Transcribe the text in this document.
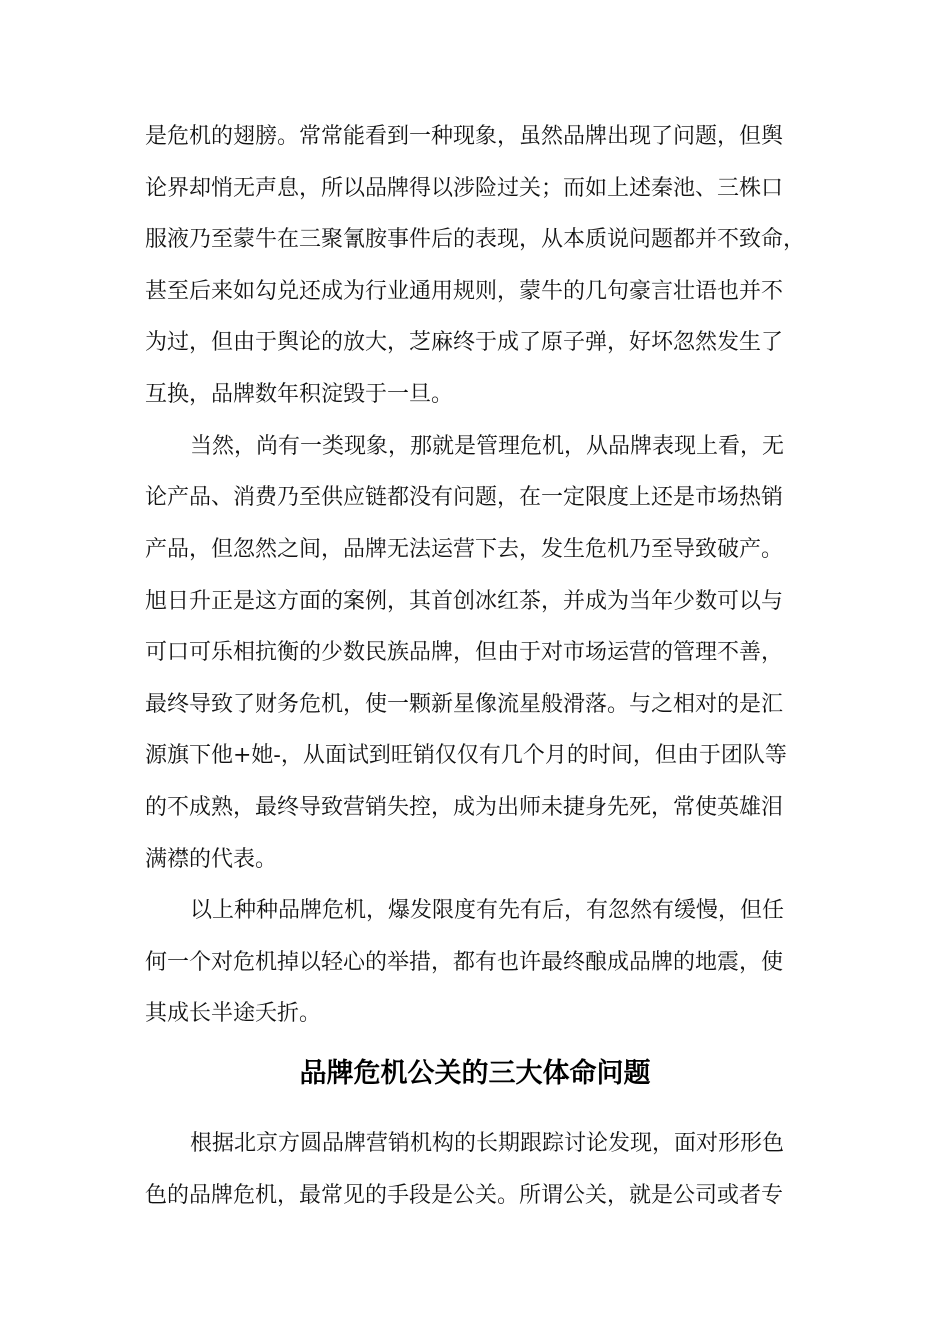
是危机的翅膀。常常能看到一种现象，虽然品牌出现了问题，但舆
论界却悄无声息，所以品牌得以涉险过关；而如上述秦池、三株口
服液乃至蒙牛在三聚氰胺事件后的表现，从本质说问题都并不致命，
甚至后来如勾兑还成为行业通用规则，蒙牛的几句豪言壮语也并不
为过，但由于舆论的放大，芝麻终于成了原子弹，好坏忽然发生了
互换，品牌数年积淀毁于一旦。
当然，尚有一类现象，那就是管理危机，从品牌表现上看，无
论产品、消费乃至供应链都没有问题，在一定限度上还是市场热销
产品，但忽然之间，品牌无法运营下去，发生危机乃至导致破产。
旭日升正是这方面的案例，其首创冰红茶，并成为当年少数可以与
可口可乐相抗衡的少数民族品牌，但由于对市场运营的管理不善，
最终导致了财务危机，使一颗新星像流星般滑落。与之相对的是汇
源旗下他+她-，从面试到旺销仅仅有几个月的时间，但由于团队等
的不成熟，最终导致营销失控，成为出师未捷身先死，常使英雄泪
满襟的代表。
以上种种品牌危机，爆发限度有先有后，有忽然有缓慢，但任
何一个对危机掉以轻心的举措，都有也许最终酿成品牌的地震，使
其成长半途夭折。
品牌危机公关的三大体命问题
根据北京方圆品牌营销机构的长期跟踪讨论发现，面对形形色
色的品牌危机，最常见的手段是公关。所谓公关，就是公司或者专
